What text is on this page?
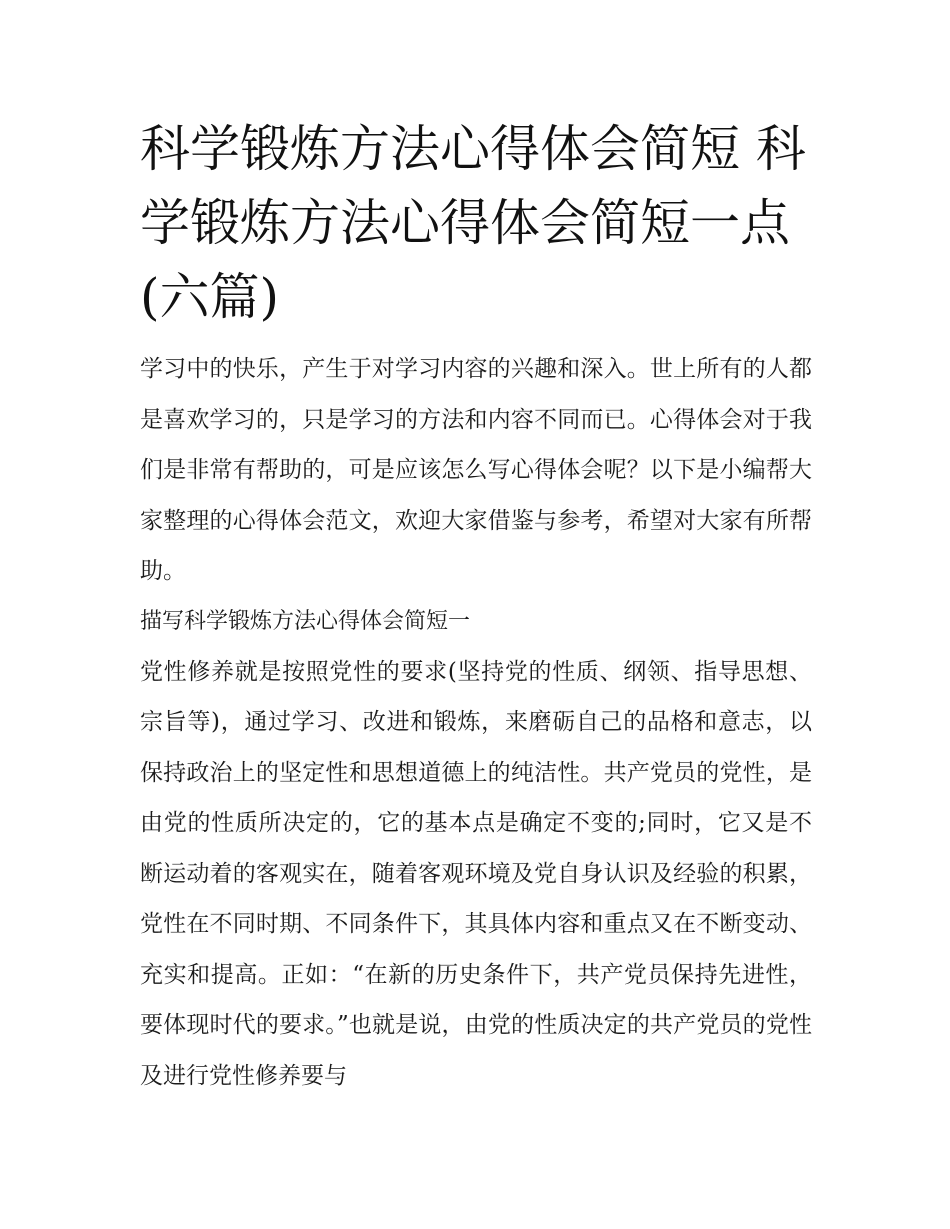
科学锻炼方法心得体会简短 科学锻炼方法心得体会简短一点(六篇)

学习中的快乐，产生于对学习内容的兴趣和深入。世上所有的人都是喜欢学习的，只是学习的方法和内容不同而已。心得体会对于我们是非常有帮助的，可是应该怎么写心得体会呢？以下是小编帮大家整理的心得体会范文，欢迎大家借鉴与参考，希望对大家有所帮助。

描写科学锻炼方法心得体会简短一

党性修养就是按照党性的要求(坚持党的性质、纲领、指导思想、宗旨等)，通过学习、改进和锻炼，来磨砺自己的品格和意志，以保持政治上的坚定性和思想道德上的纯洁性。共产党员的党性，是由党的性质所决定的，它的基本点是确定不变的;同时，它又是不断运动着的客观实在，随着客观环境及党自身认识及经验的积累，党性在不同时期、不同条件下，其具体内容和重点又在不断变动、充实和提高。正如：“在新的历史条件下，共产党员保持先进性，要体现时代的要求。”也就是说，由党的性质决定的共产党员的党性及进行党性修养要与
